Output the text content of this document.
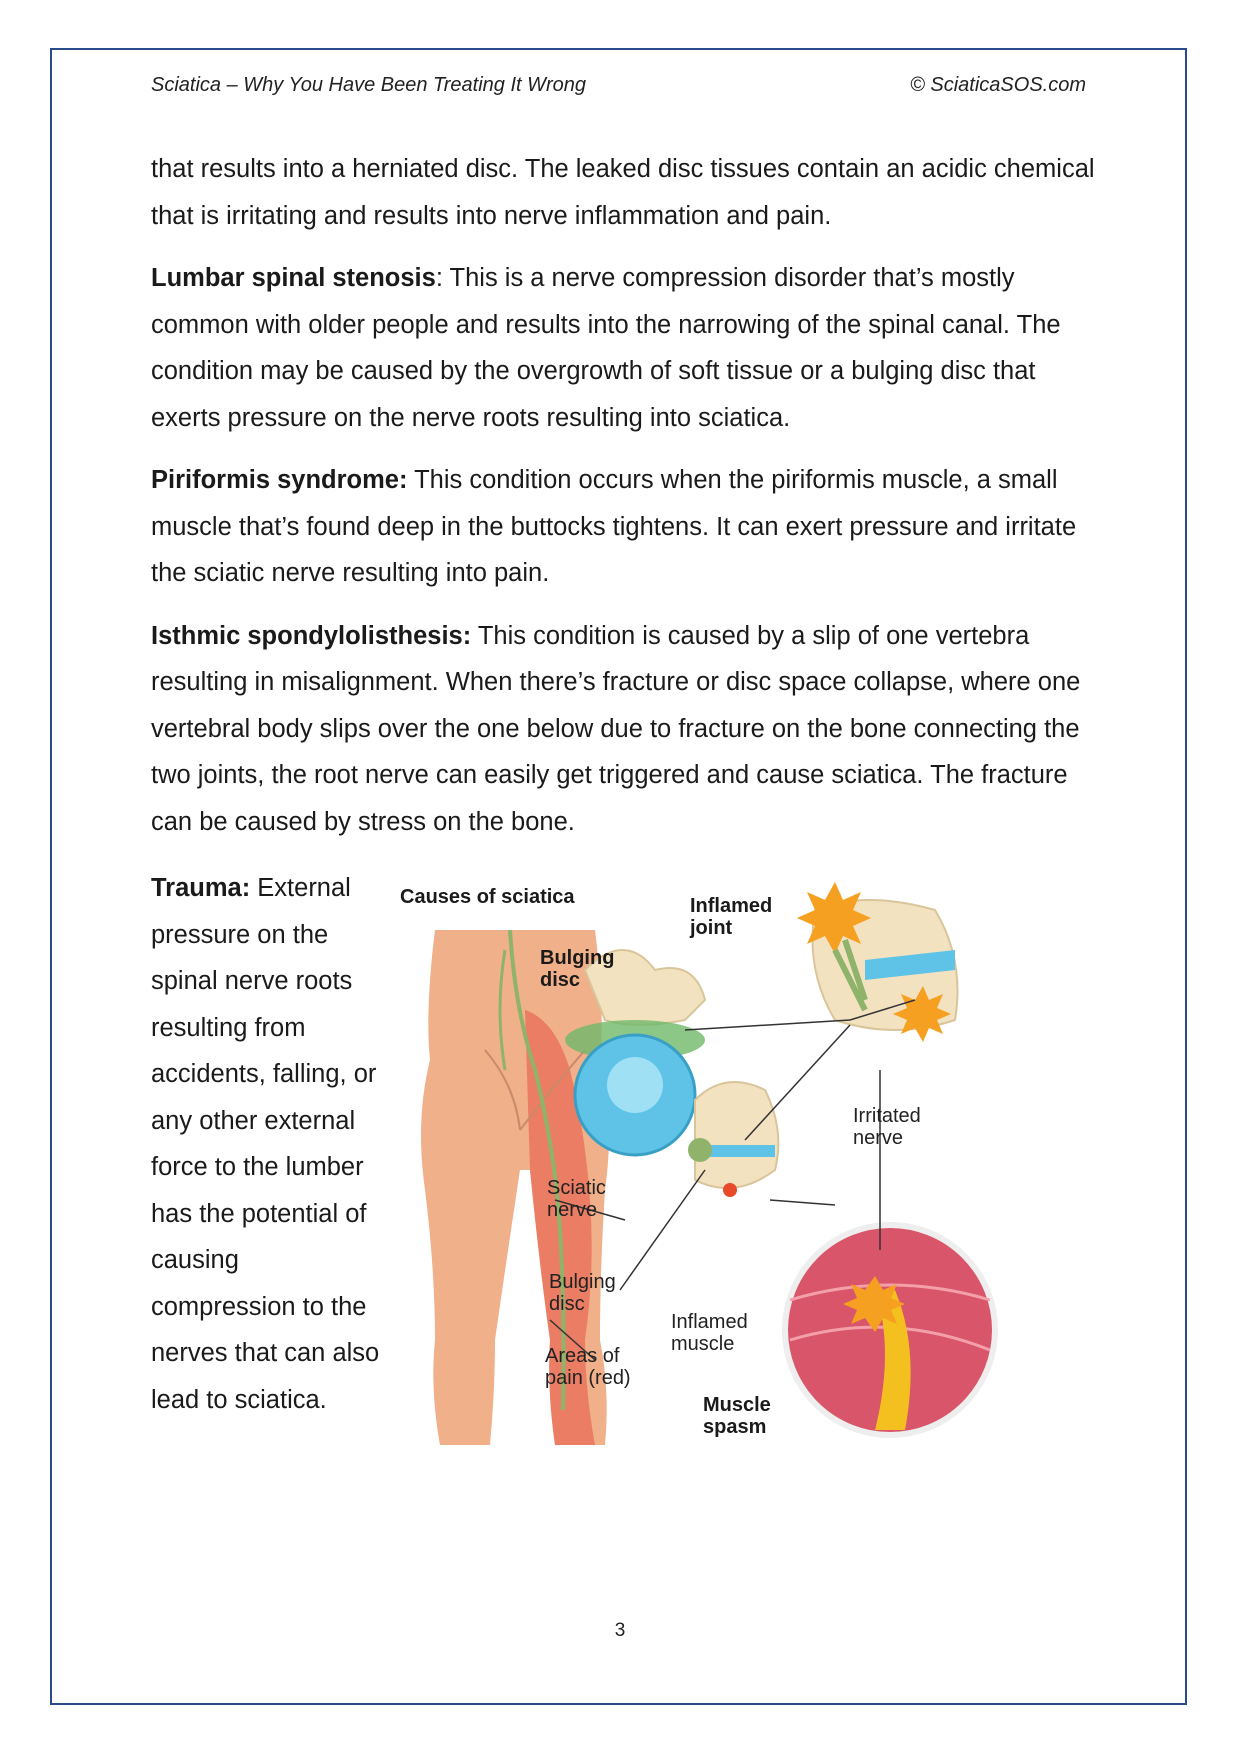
Sciatica – Why You Have Been Treating It Wrong	© SciaticaSOS.com

that results into a herniated disc. The leaked disc tissues contain an acidic chemical that is irritating and results into nerve inflammation and pain.

Lumbar spinal stenosis: This is a nerve compression disorder that’s mostly common with older people and results into the narrowing of the spinal canal. The condition may be caused by the overgrowth of soft tissue or a bulging disc that exerts pressure on the nerve roots resulting into sciatica.

Piriformis syndrome: This condition occurs when the piriformis muscle, a small muscle that’s found deep in the buttocks tightens. It can exert pressure and irritate the sciatic nerve resulting into pain.

Isthmic spondylolisthesis: This condition is caused by a slip of one vertebra resulting in misalignment. When there’s fracture or disc space collapse, where one vertebral body slips over the one below due to fracture on the bone connecting the two joints, the root nerve can easily get triggered and cause sciatica. The fracture can be caused by stress on the bone.

Trauma: External pressure on the spinal nerve roots resulting from accidents, falling, or any other external force to the lumber has the potential of causing compression to the nerves that can also lead to sciatica.
Causes of sciatica	Inflamed
joint
Bulging
disc
Irritated
nerve
Sciatic
nerve
Bulging
disc
Inflamed
muscle
Areas of
pain (red)
Muscle
spasm
3
